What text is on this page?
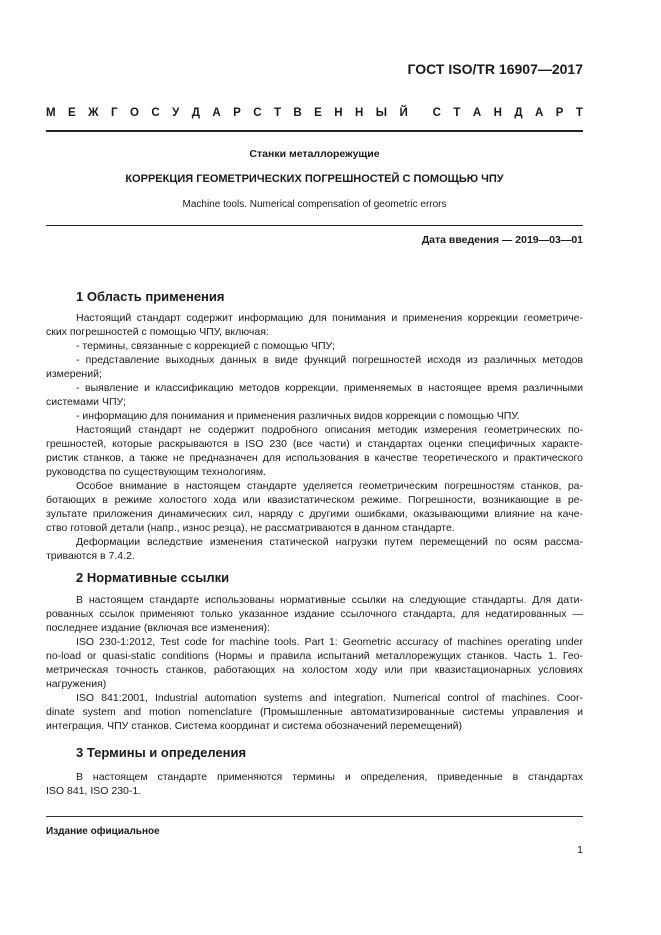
ГОСТ ISO/TR 16907—2017
М Е Ж Г О С У Д А Р С Т В Е Н Н Ы Й С Т А Н Д А Р Т
Станки металлорежущие
КОРРЕКЦИЯ ГЕОМЕТРИЧЕСКИХ ПОГРЕШНОСТЕЙ С ПОМОЩЬЮ ЧПУ
Machine tools. Numerical compensation of geometric errors
Дата введения — 2019—03—01
1 Область применения
Настоящий стандарт содержит информацию для понимания и применения коррекции геометриче-
ских погрешностей с помощью ЧПУ, включая:
- термины, связанные с коррекцией с помощью ЧПУ;
- представление выходных данных в виде функций погрешностей исходя из различных методов
измерений;
- выявление и классификацию методов коррекции, применяемых в настоящее время различными
системами ЧПУ;
- информацию для понимания и применения различных видов коррекции с помощью ЧПУ.
Настоящий стандарт не содержит подробного описания методик измерения геометрических по-
грешностей, которые раскрываются в ISO 230 (все части) и стандартах оценки специфичных характе-
ристик станков, а также не предназначен для использования в качестве теоретического и практического
руководства по существующим технологиям.
Особое внимание в настоящем стандарте уделяется геометрическим погрешностям станков, ра-
ботающих в режиме холостого хода или квазистатическом режиме. Погрешности, возникающие в ре-
зультате приложения динамических сил, наряду с другими ошибками, оказывающими влияние на каче-
ство готовой детали (напр., износ резца), не рассматриваются в данном стандарте.
Деформации вследствие изменения статической нагрузки путем перемещений по осям рассма-
триваются в 7.4.2.
2 Нормативные ссылки
В настоящем стандарте использованы нормативные ссылки на следующие стандарты. Для дати-
рованных ссылок применяют только указанное издание ссылочного стандарта, для недатированных —
последнее издание (включая все изменения):
ISO 230-1:2012, Test code for machine tools. Part 1: Geometric accuracy of machines operating under
no-load or quasi-static conditions (Нормы и правила испытаний металлорежущих станков. Часть 1. Гео-
метрическая точность станков, работающих на холостом ходу или при квазистационарных условиях
нагружения)
ISO 841:2001, Industrial automation systems and integration. Numerical control of machines. Coor-
dinate system and motion nomenclature (Промышленные автоматизированные системы управления и
интеграция. ЧПУ станков. Система координат и система обозначений перемещений)
3 Термины и определения
В настоящем стандарте применяются термины и определения, приведенные в стандартах
ISO 841, ISO 230-1.
Издание официальное
1
